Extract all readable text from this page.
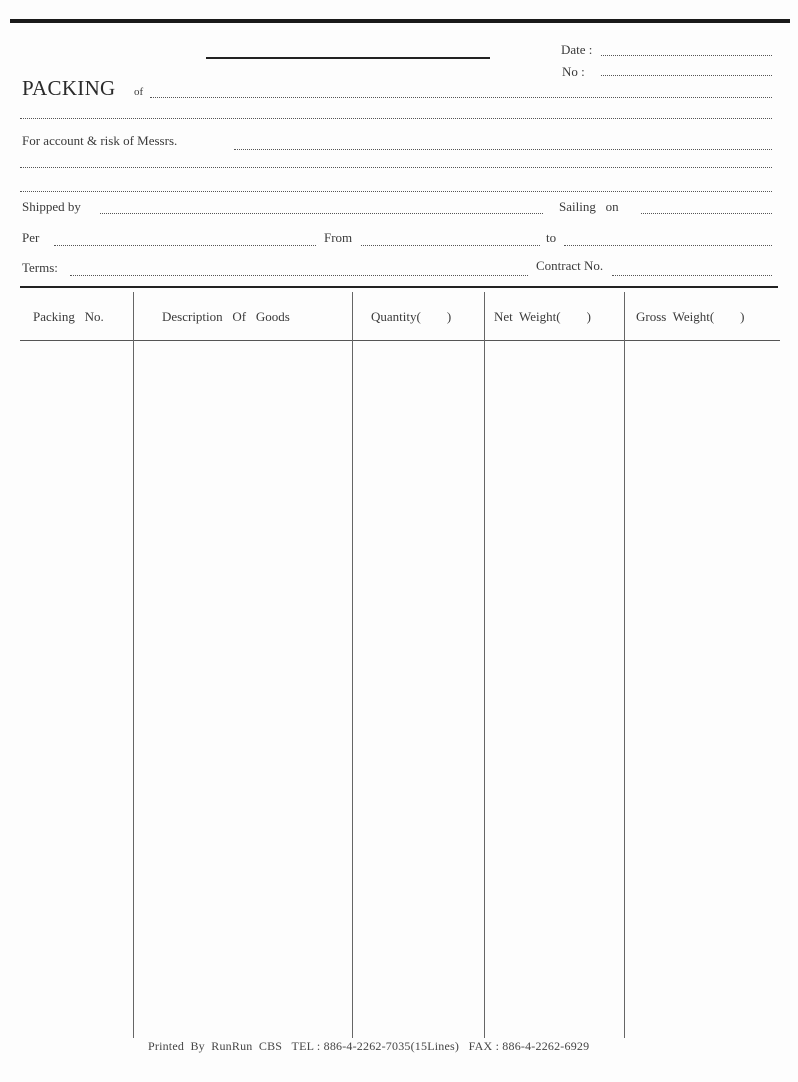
Date :
No :
PACKING of
For account & risk of Messrs.
Shipped by	Sailing   on
Per	From	to
Terms:	Contract No.
Packing   No.	Description   Of   Goods	Quantity(        )	Net  Weight(        )	Gross  Weight(        )
Printed  By  RunRun  CBS   TEL : 886-4-2262-7035(15Lines)   FAX : 886-4-2262-6929
